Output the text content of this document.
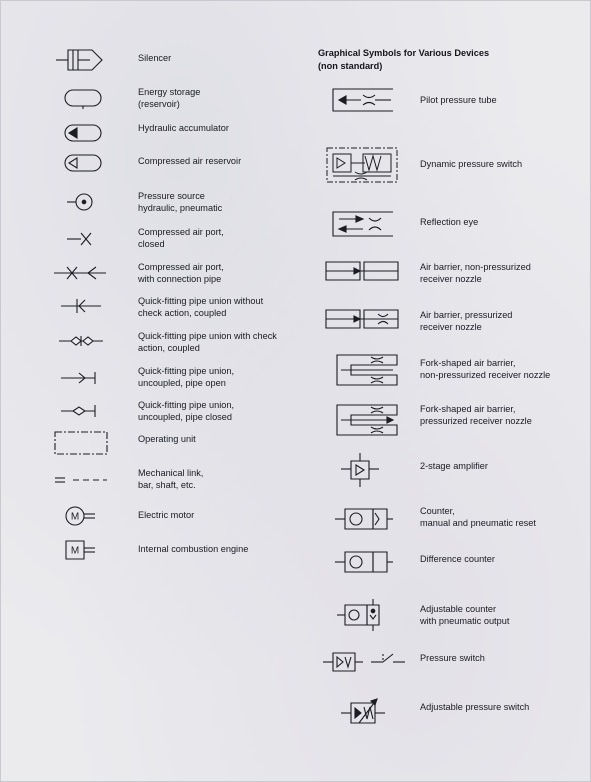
Silencer
Energy storage
(reservoir)
Hydraulic accumulator
Compressed air reservoir
Pressure source
hydraulic, pneumatic
Compressed air port,
closed
Compressed air port,
with connection pipe
Quick-fitting pipe union without
check action, coupled
Quick-fitting pipe union with check
action, coupled
Quick-fitting pipe union,
uncoupled, pipe open
Quick-fitting pipe union,
uncoupled, pipe closed
Operating unit
Mechanical link,
bar, shaft, etc.
M	Electric motor
M	Internal combustion engine
Graphical Symbols for Various Devices
(non standard)
Pilot pressure tube
Dynamic pressure switch
Reflection eye
Air barrier, non-pressurized
receiver nozzle
Air barrier, pressurized
receiver nozzle
Fork-shaped air barrier,
non-pressurized receiver nozzle
Fork-shaped air barrier,
pressurized receiver nozzle
2-stage amplifier
Counter,
manual and pneumatic reset
Difference counter
Adjustable counter
with pneumatic output
Pressure switch
Adjustable pressure switch
